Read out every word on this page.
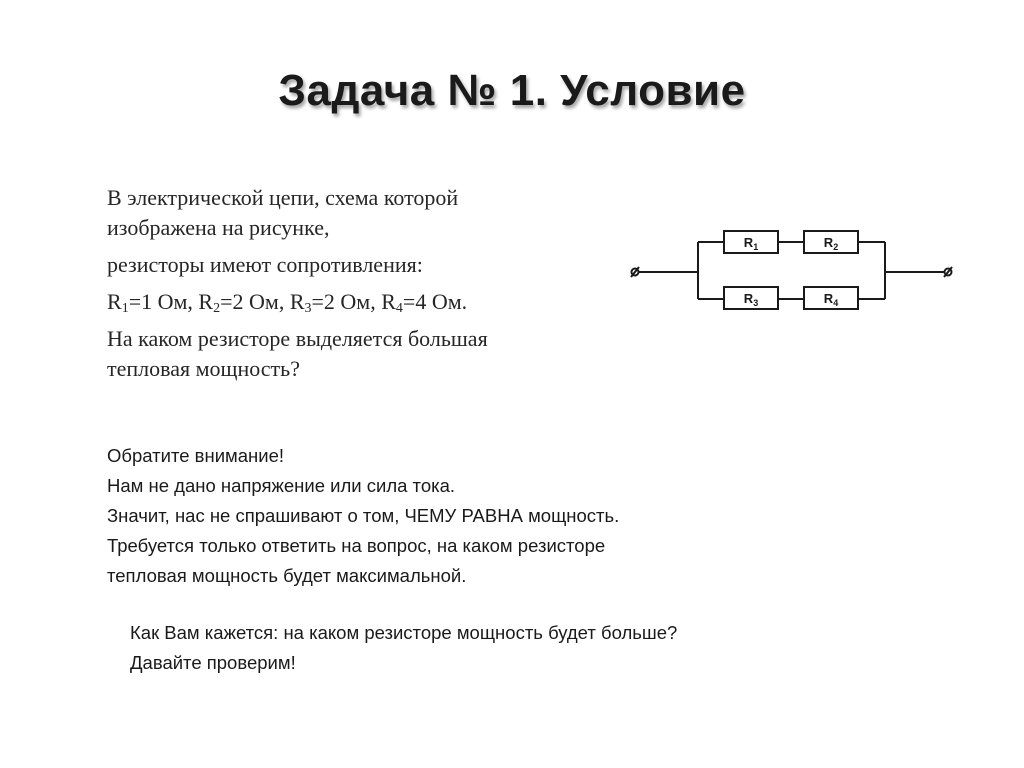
Задача № 1. Условие

В электрической цепи, схема которой

изображена на рисунке,

резисторы имеют сопротивления:

$R_1=1$ Ом, $R_2=2$ Ом, $R_3=2$ Ом, $R_4=4$ Ом.

На каком резисторе выделяется большая

тепловая мощность?

$R_1$	$R_2$
$R_3$	$R_4$

Обратите внимание!

Нам не дано напряжение или сила тока.

Значит, нас не спрашивают о том, ЧЕМУ РАВНА мощность.

Требуется только ответить на вопрос, на каком резисторе

тепловая мощность будет максимальной.

Как Вам кажется: на каком резисторе мощность будет больше?

Давайте проверим!
